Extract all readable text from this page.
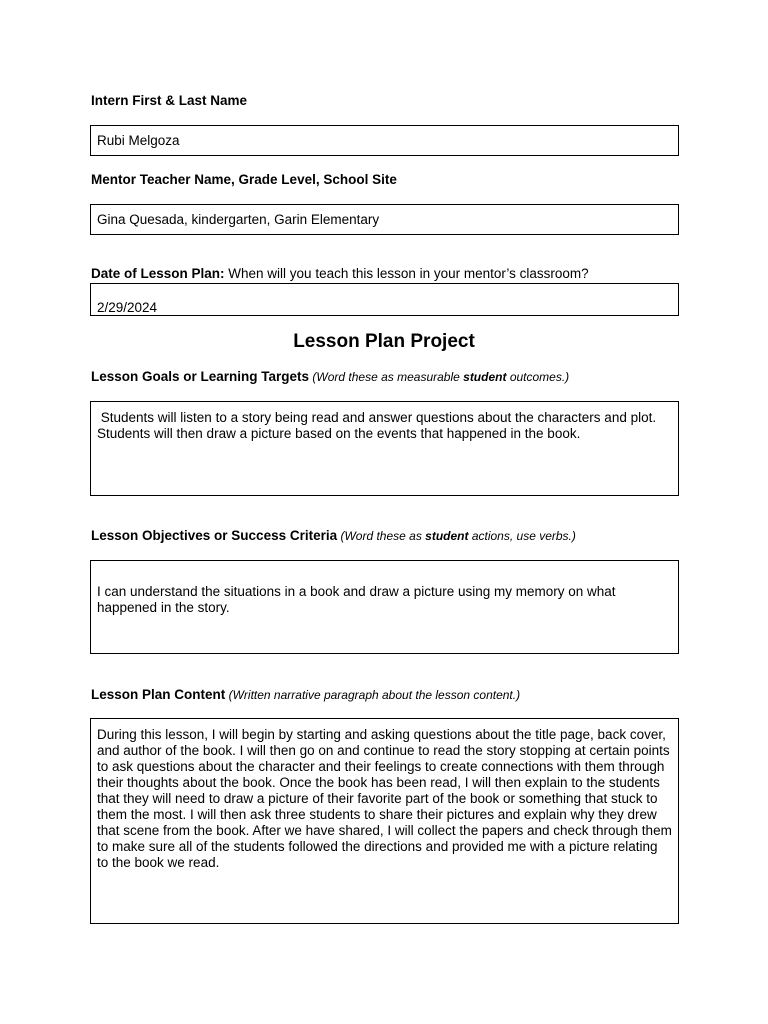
Intern First & Last Name
Rubi Melgoza
Mentor Teacher Name, Grade Level, School Site
Gina Quesada, kindergarten, Garin Elementary
Date of Lesson Plan: When will you teach this lesson in your mentor’s classroom?
2/29/2024
Lesson Plan Project
Lesson Goals or Learning Targets (Word these as measurable student outcomes.)
Students will listen to a story being read and answer questions about the characters and plot. Students will then draw a picture based on the events that happened in the book.
Lesson Objectives or Success Criteria (Word these as student actions, use verbs.)
I can understand the situations in a book and draw a picture using my memory on what happened in the story.
Lesson Plan Content (Written narrative paragraph about the lesson content.)
During this lesson, I will begin by starting and asking questions about the title page, back cover, and author of the book. I will then go on and continue to read the story stopping at certain points to ask questions about the character and their feelings to create connections with them through their thoughts about the book. Once the book has been read, I will then explain to the students that they will need to draw a picture of their favorite part of the book or something that stuck to them the most. I will then ask three students to share their pictures and explain why they drew that scene from the book. After we have shared, I will collect the papers and check through them to make sure all of the students followed the directions and provided me with a picture relating to the book we read.
